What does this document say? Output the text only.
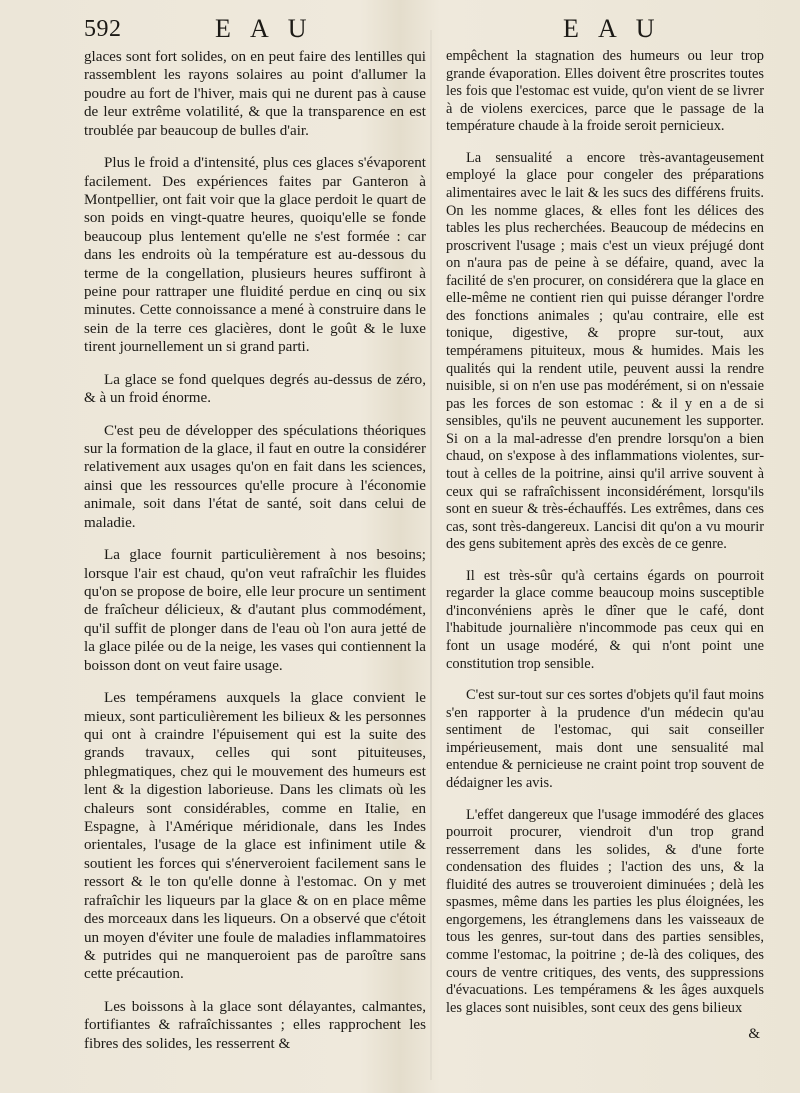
592	E A U	E A U

glaces sont fort solides, on en peut faire des lentilles qui rassemblent les rayons solaires au point d'allumer la poudre au fort de l'hiver, mais qui ne durent pas à cause de leur extrême volatilité, & que la transparence en est troublée par beaucoup de bulles d'air.

Plus le froid a d'intensité, plus ces glaces s'évaporent facilement. Des expériences faites par Ganteron à Montpellier, ont fait voir que la glace perdoit le quart de son poids en vingt-quatre heures, quoiqu'elle se fonde beaucoup plus lentement qu'elle ne s'est formée : car dans les endroits où la température est au-dessous du terme de la congellation, plusieurs heures suffiront à peine pour rattraper une fluidité perdue en cinq ou six minutes. Cette connoissance a mené à construire dans le sein de la terre ces glacières, dont le goût & le luxe tirent journellement un si grand parti.

La glace se fond quelques degrés au-dessus de zéro, & à un froid énorme.

C'est peu de développer des spéculations théoriques sur la formation de la glace, il faut en outre la considérer relativement aux usages qu'on en fait dans les sciences, ainsi que les ressources qu'elle procure à l'économie animale, soit dans l'état de santé, soit dans celui de maladie.

La glace fournit particulièrement à nos besoins; lorsque l'air est chaud, qu'on veut rafraîchir les fluides qu'on se propose de boire, elle leur procure un sentiment de fraîcheur délicieux, & d'autant plus commodément, qu'il suffit de plonger dans de l'eau où l'on aura jetté de la glace pilée ou de la neige, les vases qui contiennent la boisson dont on veut faire usage.

Les tempéramens auxquels la glace convient le mieux, sont particulièrement les bilieux & les personnes qui ont à craindre l'épuisement qui est la suite des grands travaux, celles qui sont pituiteuses, phlegmatiques, chez qui le mouvement des humeurs est lent & la digestion laborieuse. Dans les climats où les chaleurs sont considérables, comme en Italie, en Espagne, à l'Amérique méridionale, dans les Indes orientales, l'usage de la glace est infiniment utile & soutient les forces qui s'énerveroient facilement sans le ressort & le ton qu'elle donne à l'estomac. On y met rafraîchir les liqueurs par la glace & on en place même des morceaux dans les liqueurs. On a observé que c'étoit un moyen d'éviter une foule de maladies inflammatoires & putrides qui ne manqueroient pas de paroître sans cette précaution.

Les boissons à la glace sont délayantes, calmantes, fortifiantes & rafraîchissantes ; elles rapprochent les fibres des solides, les resserrent &

empêchent la stagnation des humeurs ou leur trop grande évaporation. Elles doivent être proscrites toutes les fois que l'estomac est vuide, qu'on vient de se livrer à de violens exercices, parce que le passage de la température chaude à la froide seroit pernicieux.

La sensualité a encore très-avantageusement employé la glace pour congeler des préparations alimentaires avec le lait & les sucs des différens fruits. On les nomme glaces, & elles font les délices des tables les plus recherchées. Beaucoup de médecins en proscrivent l'usage ; mais c'est un vieux préjugé dont on n'aura pas de peine à se défaire, quand, avec la facilité de s'en procurer, on considérera que la glace en elle-même ne contient rien qui puisse déranger l'ordre des fonctions animales ; qu'au contraire, elle est tonique, digestive, & propre sur-tout, aux tempéramens pituiteux, mous & humides. Mais les qualités qui la rendent utile, peuvent aussi la rendre nuisible, si on n'en use pas modérément, si on n'essaie pas les forces de son estomac : & il y en a de si sensibles, qu'ils ne peuvent aucunement les supporter. Si on a la mal-adresse d'en prendre lorsqu'on a bien chaud, on s'expose à des inflammations violentes, sur-tout à celles de la poitrine, ainsi qu'il arrive souvent à ceux qui se rafraîchissent inconsidérément, lorsqu'ils sont en sueur & très-échauffés. Les extrêmes, dans ces cas, sont très-dangereux. Lancisi dit qu'on a vu mourir des gens subitement après des excès de ce genre.

Il est très-sûr qu'à certains égards on pourroit regarder la glace comme beaucoup moins susceptible d'inconvéniens après le dîner que le café, dont l'habitude journalière n'incommode pas ceux qui en font un usage modéré, & qui n'ont point une constitution trop sensible.

C'est sur-tout sur ces sortes d'objets qu'il faut moins s'en rapporter à la prudence d'un médecin qu'au sentiment de l'estomac, qui sait conseiller impérieusement, mais dont une sensualité mal entendue & pernicieuse ne craint point trop souvent de dédaigner les avis.

L'effet dangereux que l'usage immodéré des glaces pourroit procurer, viendroit d'un trop grand resserrement dans les solides, & d'une forte condensation des fluides ; l'action des uns, & la fluidité des autres se trouveroient diminuées ; delà les spasmes, même dans les parties les plus éloignées, les engorgemens, les étranglemens dans les vaisseaux de tous les genres, sur-tout dans des parties sensibles, comme l'estomac, la poitrine ; de-là des coliques, des cours de ventre critiques, des vents, des suppressions d'évacuations. Les tempéramens & les âges auxquels les glaces sont nuisibles, sont ceux des gens bilieux

&
